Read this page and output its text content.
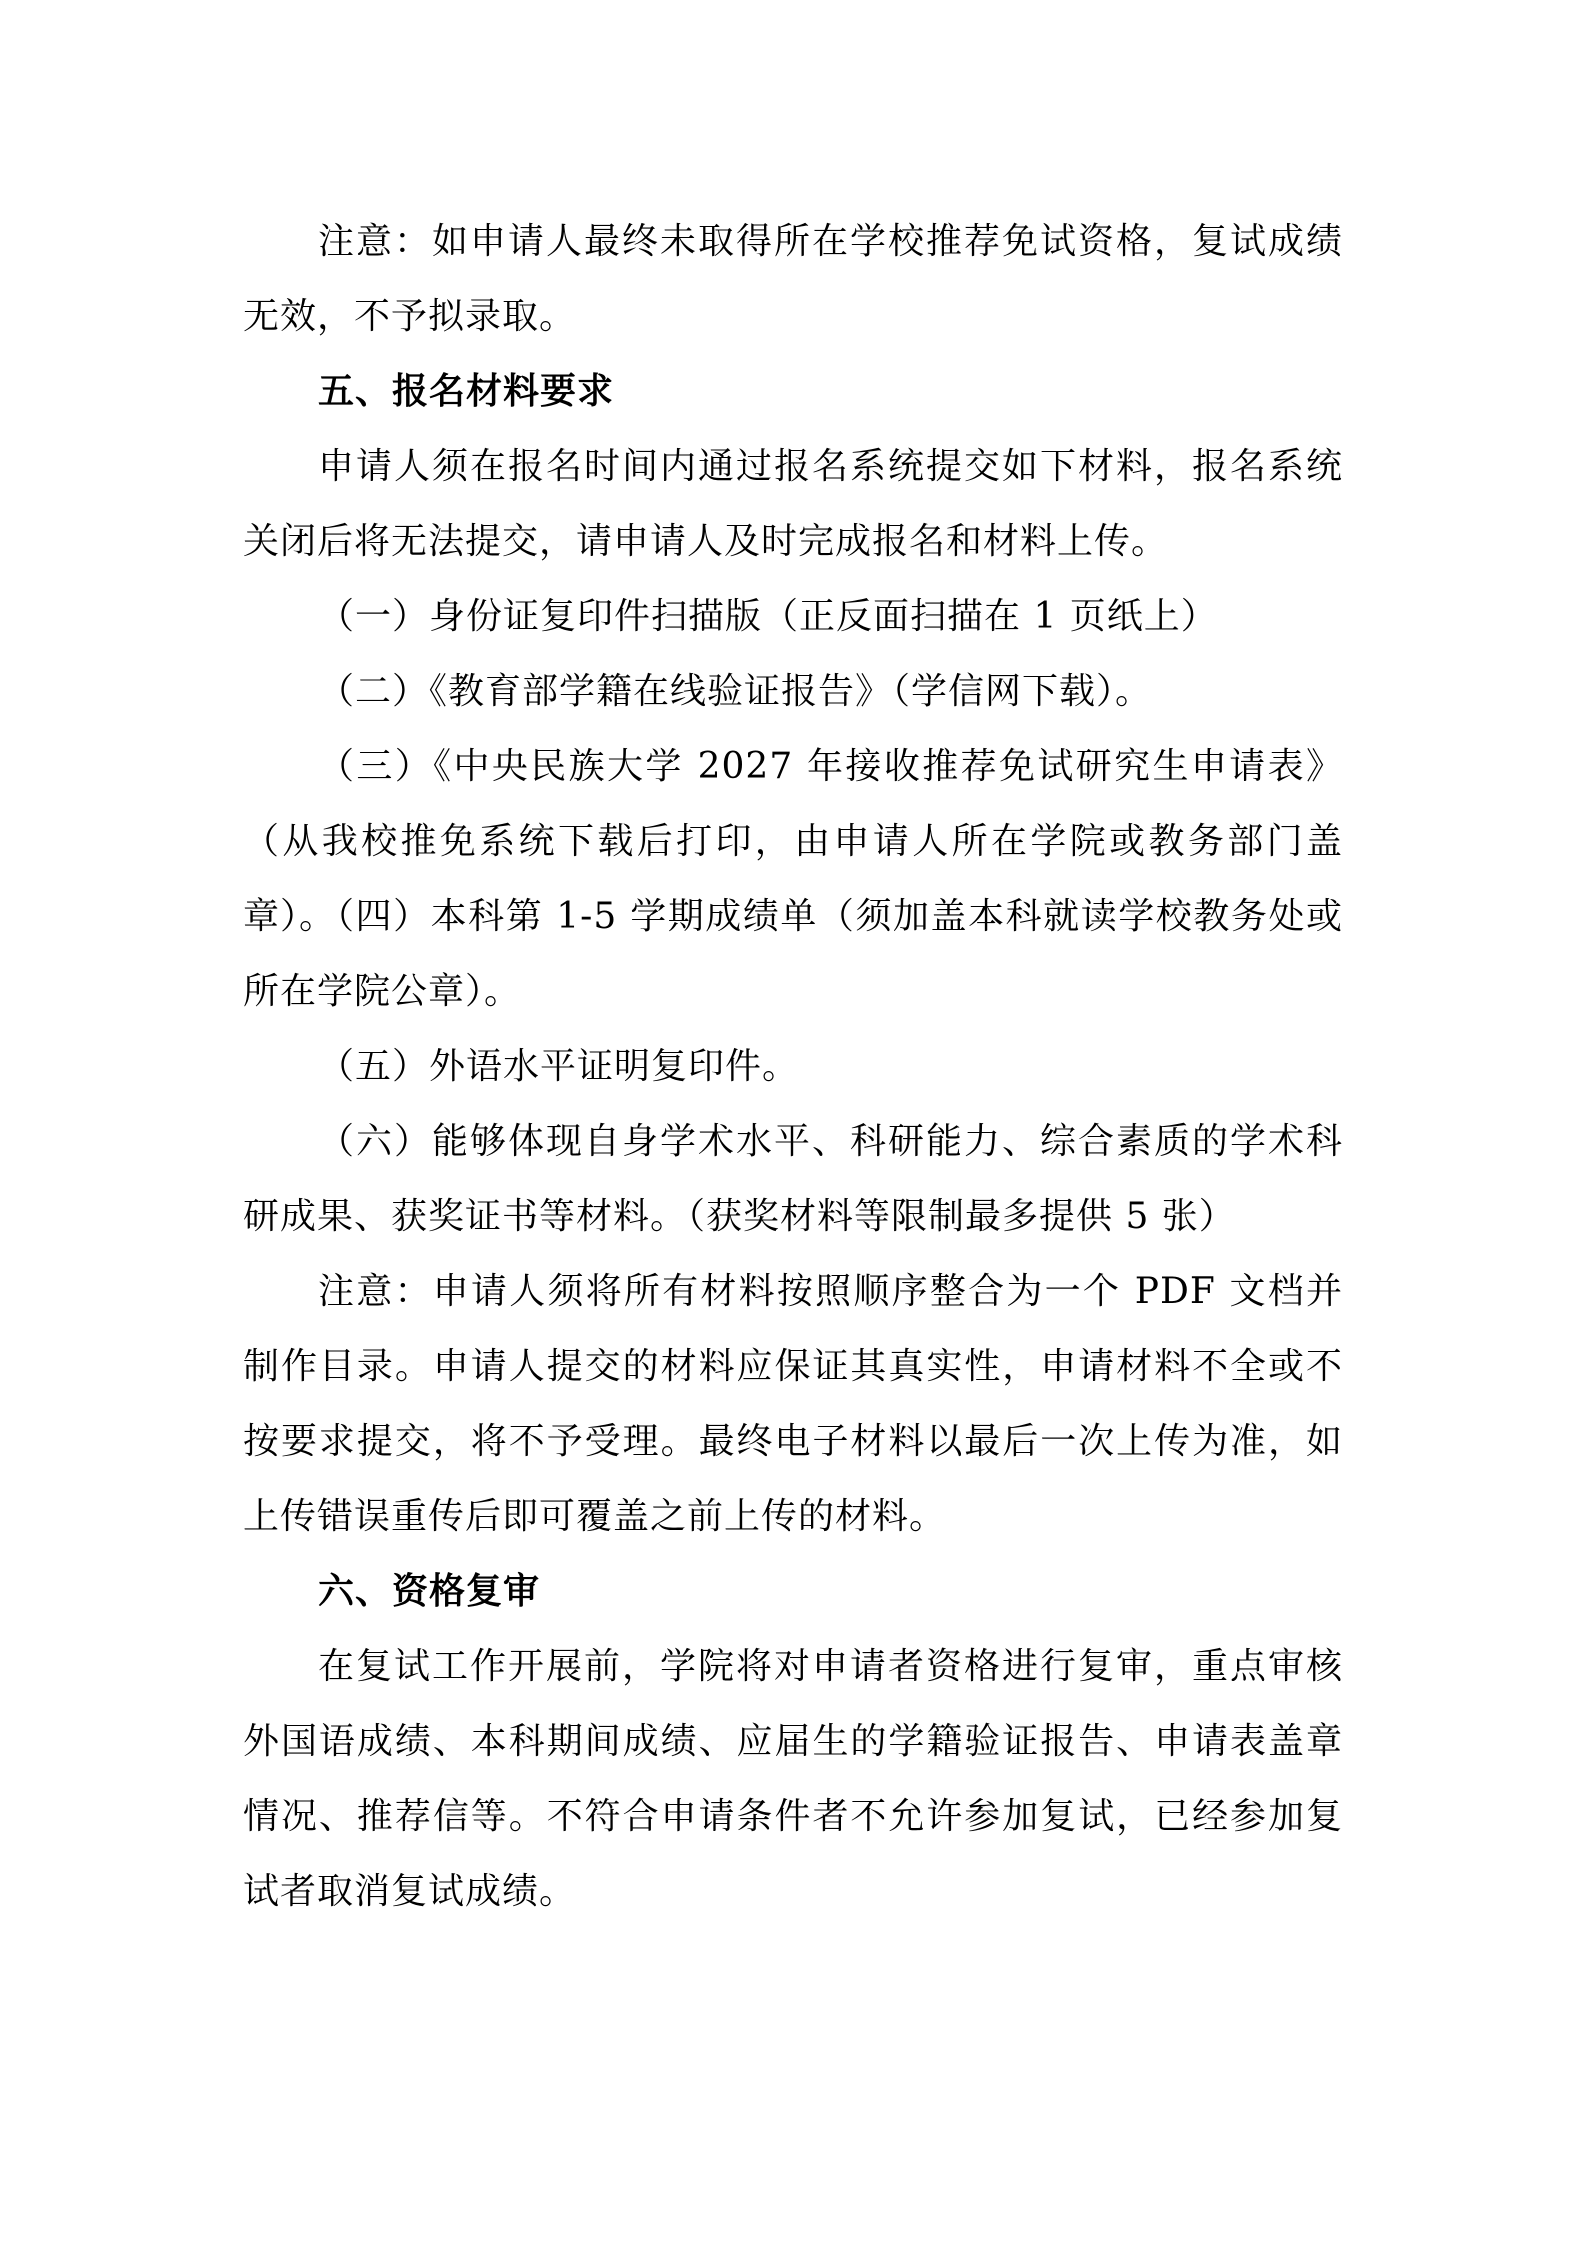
注意：如申请人最终未取得所在学校推荐免试资格，复试成绩无效，不予拟录取。

五、报名材料要求

申请人须在报名时间内通过报名系统提交如下材料，报名系统关闭后将无法提交，请申请人及时完成报名和材料上传。

（一）身份证复印件扫描版（正反面扫描在 1 页纸上）

（二）《教育部学籍在线验证报告》（学信网下载）。

（三）《中央民族大学 2027 年接收推荐免试研究生申请表》（从我校推免系统下载后打印，由申请人所在学院或教务部门盖章）。

（四）本科第 1-5 学期成绩单（须加盖本科就读学校教务处或所在学院公章）。

（五）外语水平证明复印件。

（六）能够体现自身学术水平、科研能力、综合素质的学术科研成果、获奖证书等材料。（获奖材料等限制最多提供 5 张）

注意：申请人须将所有材料按照顺序整合为一个 PDF 文档并制作目录。申请人提交的材料应保证其真实性，申请材料不全或不按要求提交，将不予受理。最终电子材料以最后一次上传为准，如上传错误重传后即可覆盖之前上传的材料。

六、资格复审

在复试工作开展前，学院将对申请者资格进行复审，重点审核外国语成绩、本科期间成绩、应届生的学籍验证报告、申请表盖章情况、推荐信等。不符合申请条件者不允许参加复试，已经参加复试者取消复试成绩。
